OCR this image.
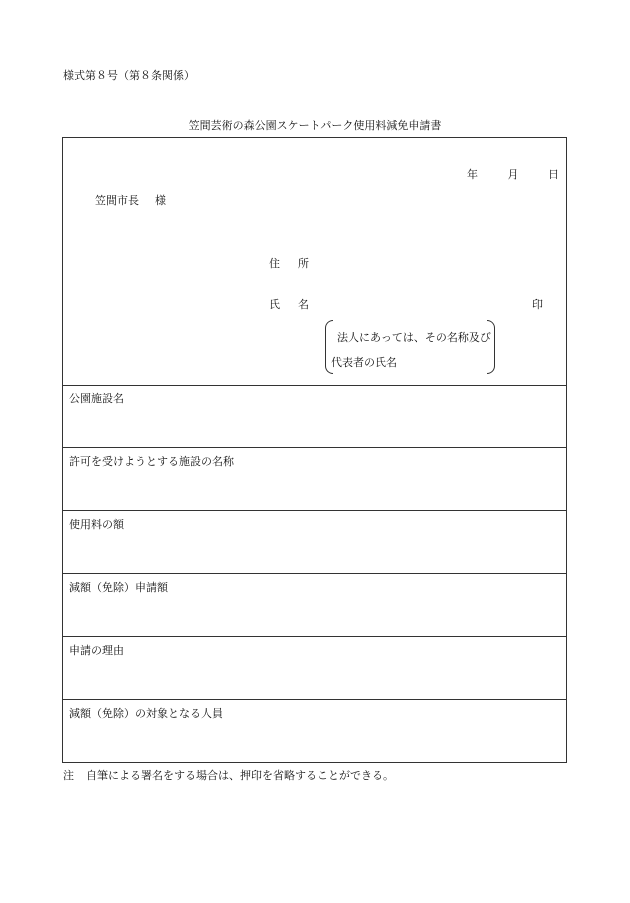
様式第８号（第８条関係）
笠間芸術の森公園スケートパーク使用料減免申請書
年	月	日
笠間市長 様
住 所
氏 名	印
法人にあっては、その名称及び
代表者の氏名
公園施設名
許可を受けようとする施設の名称
使用料の額
減額（免除）申請額
申請の理由
減額（免除）の対象となる人員
注 自筆による署名をする場合は、押印を省略することができる。
